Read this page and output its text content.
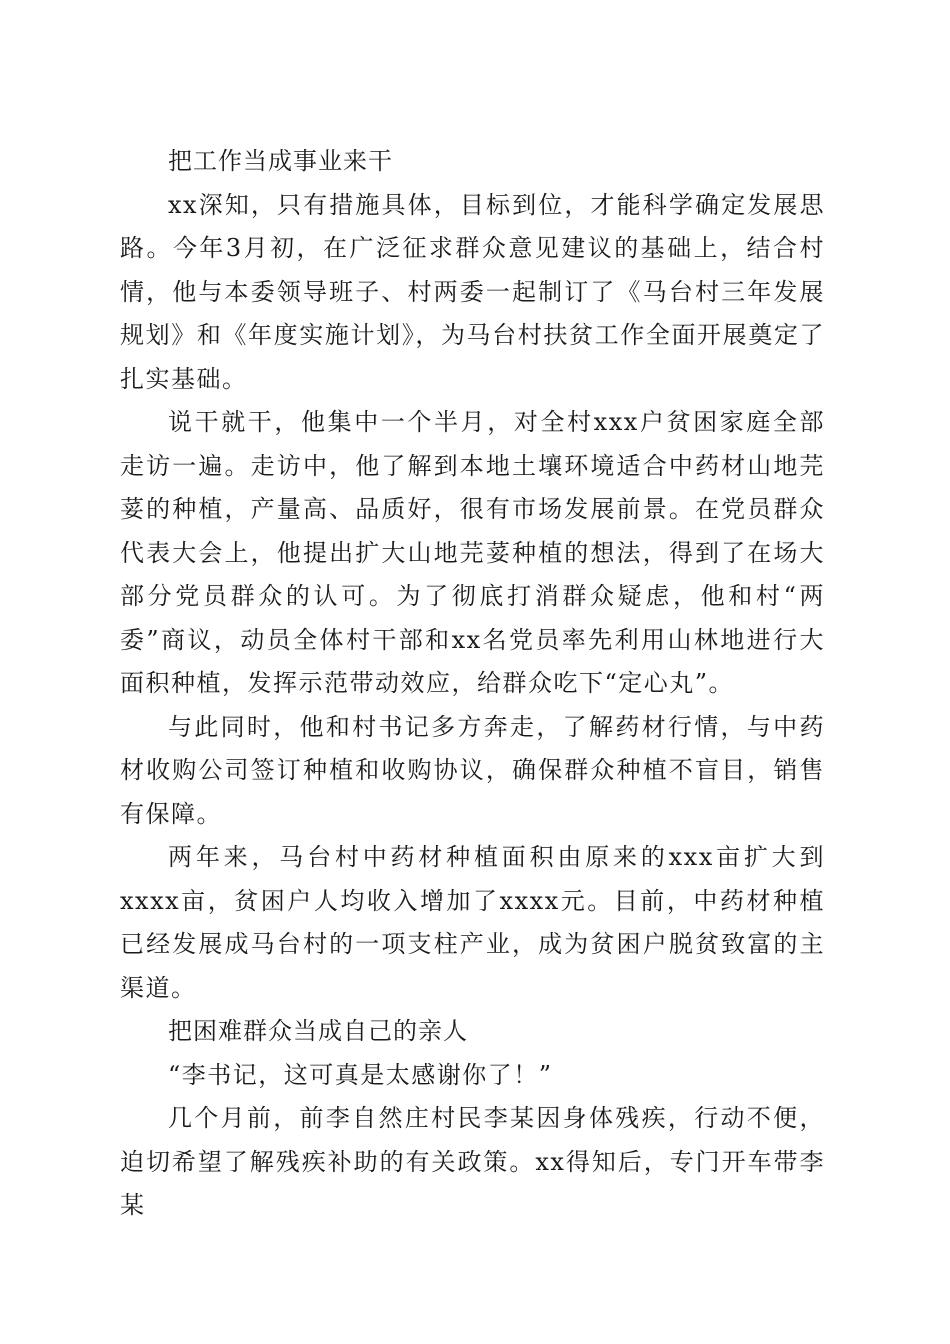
把工作当成事业来干

xx深知，只有措施具体，目标到位，才能科学确定发展思路。今年3月初，在广泛征求群众意见建议的基础上，结合村情，他与本委领导班子、村两委一起制订了《马台村三年发展规划》和《年度实施计划》，为马台村扶贫工作全面开展奠定了扎实基础。

说干就干，他集中一个半月，对全村xxx户贫困家庭全部走访一遍。走访中，他了解到本地土壤环境适合中药材山地芫荽的种植，产量高、品质好，很有市场发展前景。在党员群众代表大会上，他提出扩大山地芫荽种植的想法，得到了在场大部分党员群众的认可。为了彻底打消群众疑虑，他和村“两委”商议，动员全体村干部和xx名党员率先利用山林地进行大面积种植，发挥示范带动效应，给群众吃下“定心丸”。

与此同时，他和村书记多方奔走，了解药材行情，与中药材收购公司签订种植和收购协议，确保群众种植不盲目，销售有保障。

两年来，马台村中药材种植面积由原来的xxx亩扩大到xxxx亩，贫困户人均收入增加了xxxx元。目前，中药材种植已经发展成马台村的一项支柱产业，成为贫困户脱贫致富的主渠道。

把困难群众当成自己的亲人

“李书记，这可真是太感谢你了！”

几个月前，前李自然庄村民李某因身体残疾，行动不便，迫切希望了解残疾补助的有关政策。xx得知后，专门开车带李某
